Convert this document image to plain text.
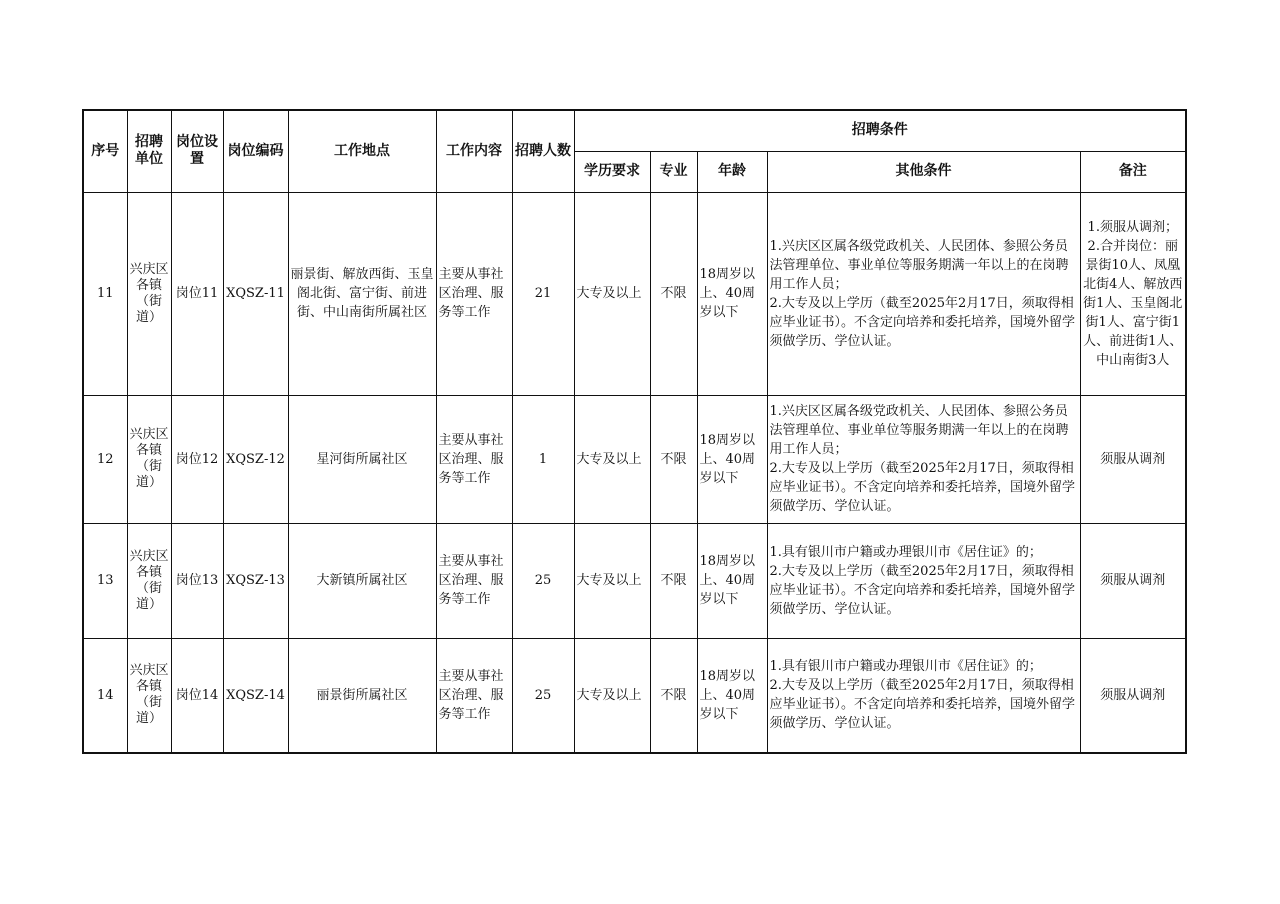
序号	招聘单位	岗位设置	岗位编码	工作地点	工作内容	招聘人数	招聘条件				
							学历要求	专业	年龄	其他条件	备注
11	兴庆区各镇（街道）	岗位11	XQSZ-11	丽景街、解放西街、玉皇阁北街、富宁街、前进街、中山南街所属社区	主要从事社区治理、服务等工作	21	大专及以上	不限	18周岁以上、40周岁以下	1.兴庆区区属各级党政机关、人民团体、参照公务员法管理单位、事业单位等服务期满一年以上的在岗聘用工作人员；
2.大专及以上学历（截至2025年2月17日，须取得相应毕业证书）。不含定向培养和委托培养，国境外留学须做学历、学位认证。	1.须服从调剂；2.合并岗位：丽景街10人、凤凰北街4人、解放西街1人、玉皇阁北街1人、富宁街1人、前进街1人、中山南街3人
12	兴庆区各镇（街道）	岗位12	XQSZ-12	星河街所属社区	主要从事社区治理、服务等工作	1	大专及以上	不限	18周岁以上、40周岁以下	1.兴庆区区属各级党政机关、人民团体、参照公务员法管理单位、事业单位等服务期满一年以上的在岗聘用工作人员；
2.大专及以上学历（截至2025年2月17日，须取得相应毕业证书）。不含定向培养和委托培养，国境外留学须做学历、学位认证。	须服从调剂
13	兴庆区各镇（街道）	岗位13	XQSZ-13	大新镇所属社区	主要从事社区治理、服务等工作	25	大专及以上	不限	18周岁以上、40周岁以下	1.具有银川市户籍或办理银川市《居住证》的；
2.大专及以上学历（截至2025年2月17日，须取得相应毕业证书）。不含定向培养和委托培养，国境外留学须做学历、学位认证。	须服从调剂
14	兴庆区各镇（街道）	岗位14	XQSZ-14	丽景街所属社区	主要从事社区治理、服务等工作	25	大专及以上	不限	18周岁以上、40周岁以下	1.具有银川市户籍或办理银川市《居住证》的；
2.大专及以上学历（截至2025年2月17日，须取得相应毕业证书）。不含定向培养和委托培养，国境外留学须做学历、学位认证。	须服从调剂
